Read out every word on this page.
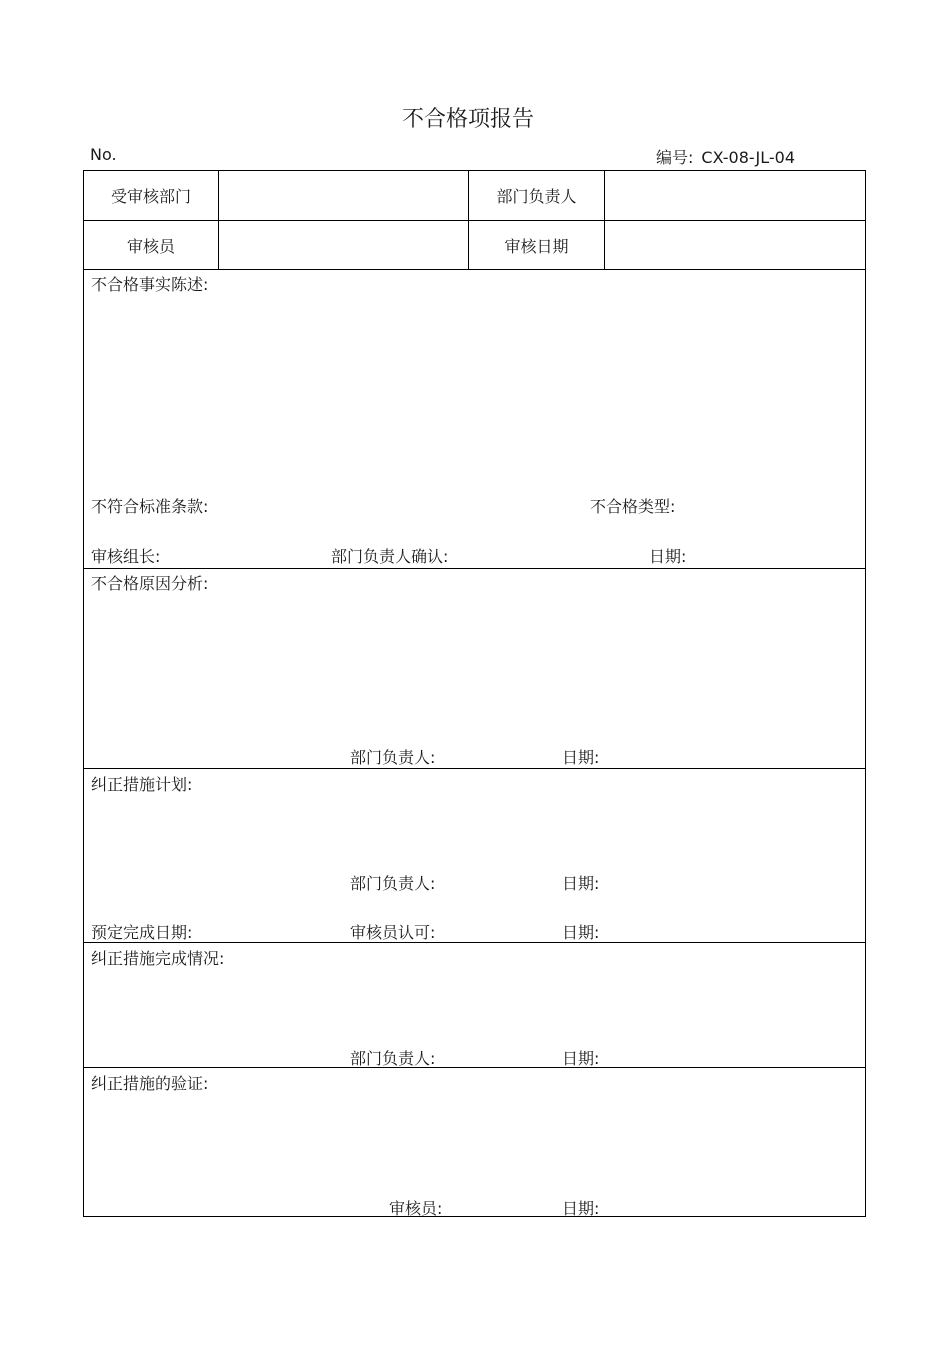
不合格项报告
No.	编号: CX-08-JL-04
受审核部门	部门负责人
审核员	审核日期
不合格事实陈述:
不符合标准条款:	不合格类型:
审核组长:	部门负责人确认:	日期:
不合格原因分析:
部门负责人:	日期:
纠正措施计划:
部门负责人:	日期:
预定完成日期:	审核员认可:	日期:
纠正措施完成情况:
部门负责人:	日期:
纠正措施的验证:
审核员:	日期:
